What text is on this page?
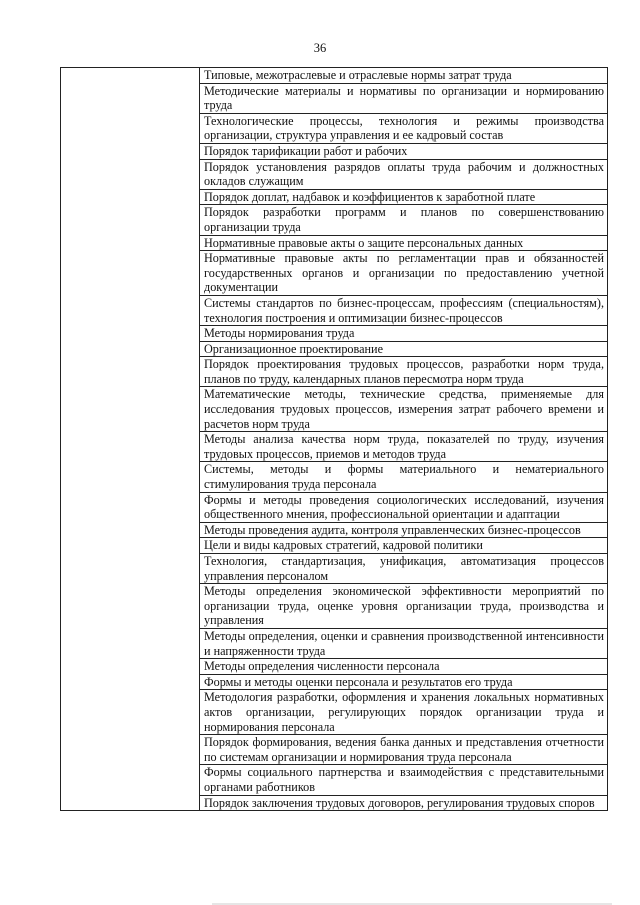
36
	Типовые, межотраслевые и отраслевые нормы затрат труда
Методические материалы и нормативы по организации и нормированию труда
Технологические процессы, технология и режимы производства организации, структура управления и ее кадровый состав
Порядок тарификации работ и рабочих
Порядок установления разрядов оплаты труда рабочим и должностных окладов служащим
Порядок доплат, надбавок и коэффициентов к заработной плате
Порядок разработки программ и планов по совершенствованию организации труда
Нормативные правовые акты о защите персональных данных
Нормативные правовые акты по регламентации прав и обязанностей государственных органов и организации по предоставлению учетной документации
Системы стандартов по бизнес-процессам, профессиям (специальностям), технология построения и оптимизации бизнес-процессов
Методы нормирования труда
Организационное проектирование
Порядок проектирования трудовых процессов, разработки норм труда, планов по труду, календарных планов пересмотра норм труда
Математические методы, технические средства, применяемые для исследования трудовых процессов, измерения затрат рабочего времени и расчетов норм труда
Методы анализа качества норм труда, показателей по труду, изучения трудовых процессов, приемов и методов труда
Системы, методы и формы материального и нематериального стимулирования труда персонала
Формы и методы проведения социологических исследований, изучения общественного мнения, профессиональной ориентации и адаптации
Методы проведения аудита, контроля управленческих бизнес-процессов
Цели и виды кадровых стратегий, кадровой политики
Технология, стандартизация, унификация, автоматизация процессов управления персоналом
Методы определения экономической эффективности мероприятий по организации труда, оценке уровня организации труда, производства и управления
Методы определения, оценки и сравнения производственной интенсивности и напряженности труда
Методы определения численности персонала
Формы и методы оценки персонала и результатов его труда
Методология разработки, оформления и хранения локальных нормативных актов организации, регулирующих порядок организации труда и нормирования персонала
Порядок формирования, ведения банка данных и представления отчетности по системам организации и нормирования труда персонала
Формы социального партнерства и взаимодействия с представительными органами работников
Порядок заключения трудовых договоров, регулирования трудовых споров
